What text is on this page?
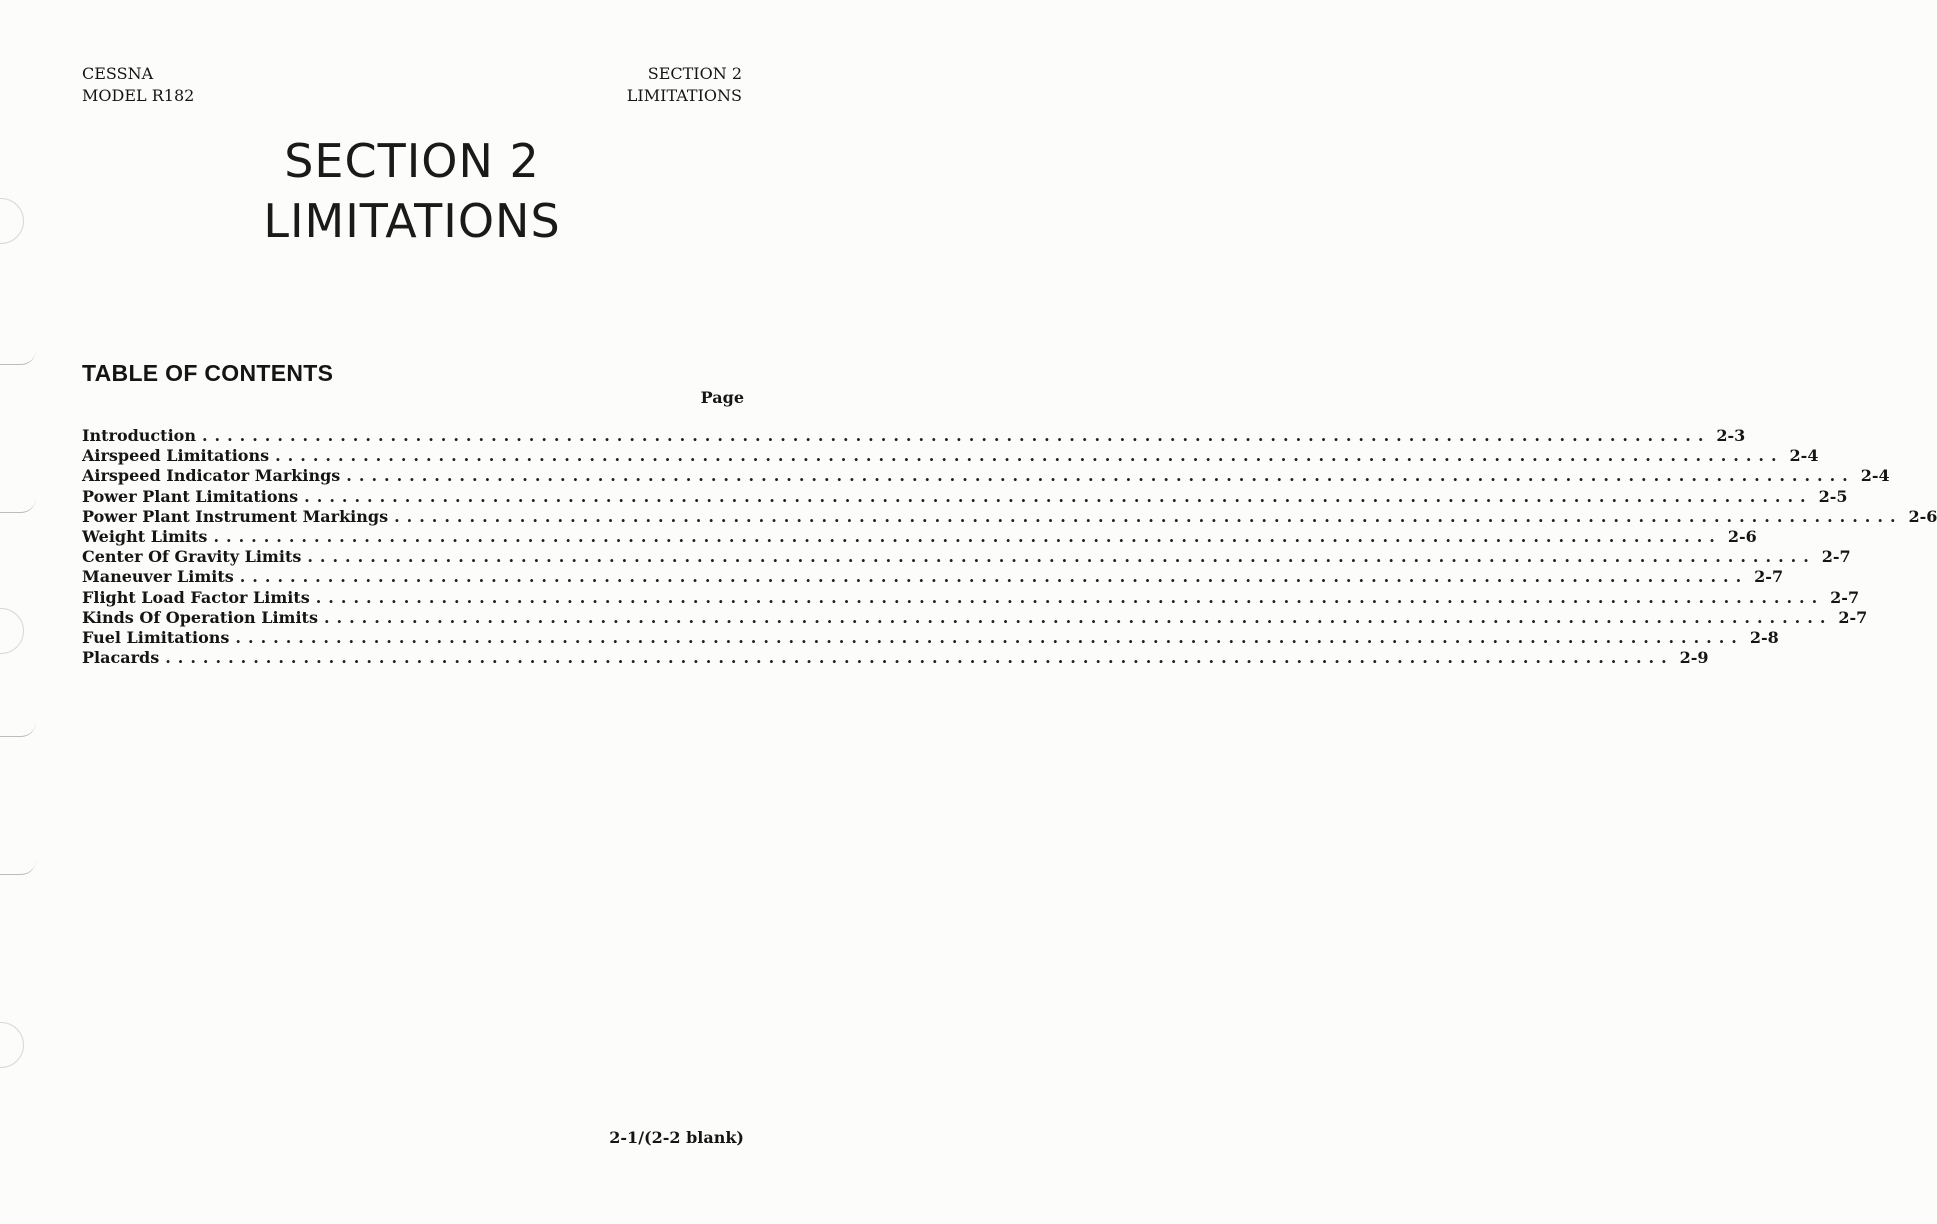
CESSNA
MODEL R182
SECTION 2
LIMITATIONS
SECTION 2
LIMITATIONS
TABLE OF CONTENTS
Page
Introduction ........................................................................................................................ 2-3
Airspeed Limitations ........................................................................................................................ 2-4
Airspeed Indicator Markings ........................................................................................................................ 2-4
Power Plant Limitations ........................................................................................................................ 2-5
Power Plant Instrument Markings ........................................................................................................................ 2-6
Weight Limits ........................................................................................................................ 2-6
Center Of Gravity Limits ........................................................................................................................ 2-7
Maneuver Limits ........................................................................................................................ 2-7
Flight Load Factor Limits ........................................................................................................................ 2-7
Kinds Of Operation Limits ........................................................................................................................ 2-7
Fuel Limitations ........................................................................................................................ 2-8
Placards ........................................................................................................................ 2-9
2-1/(2-2 blank)
